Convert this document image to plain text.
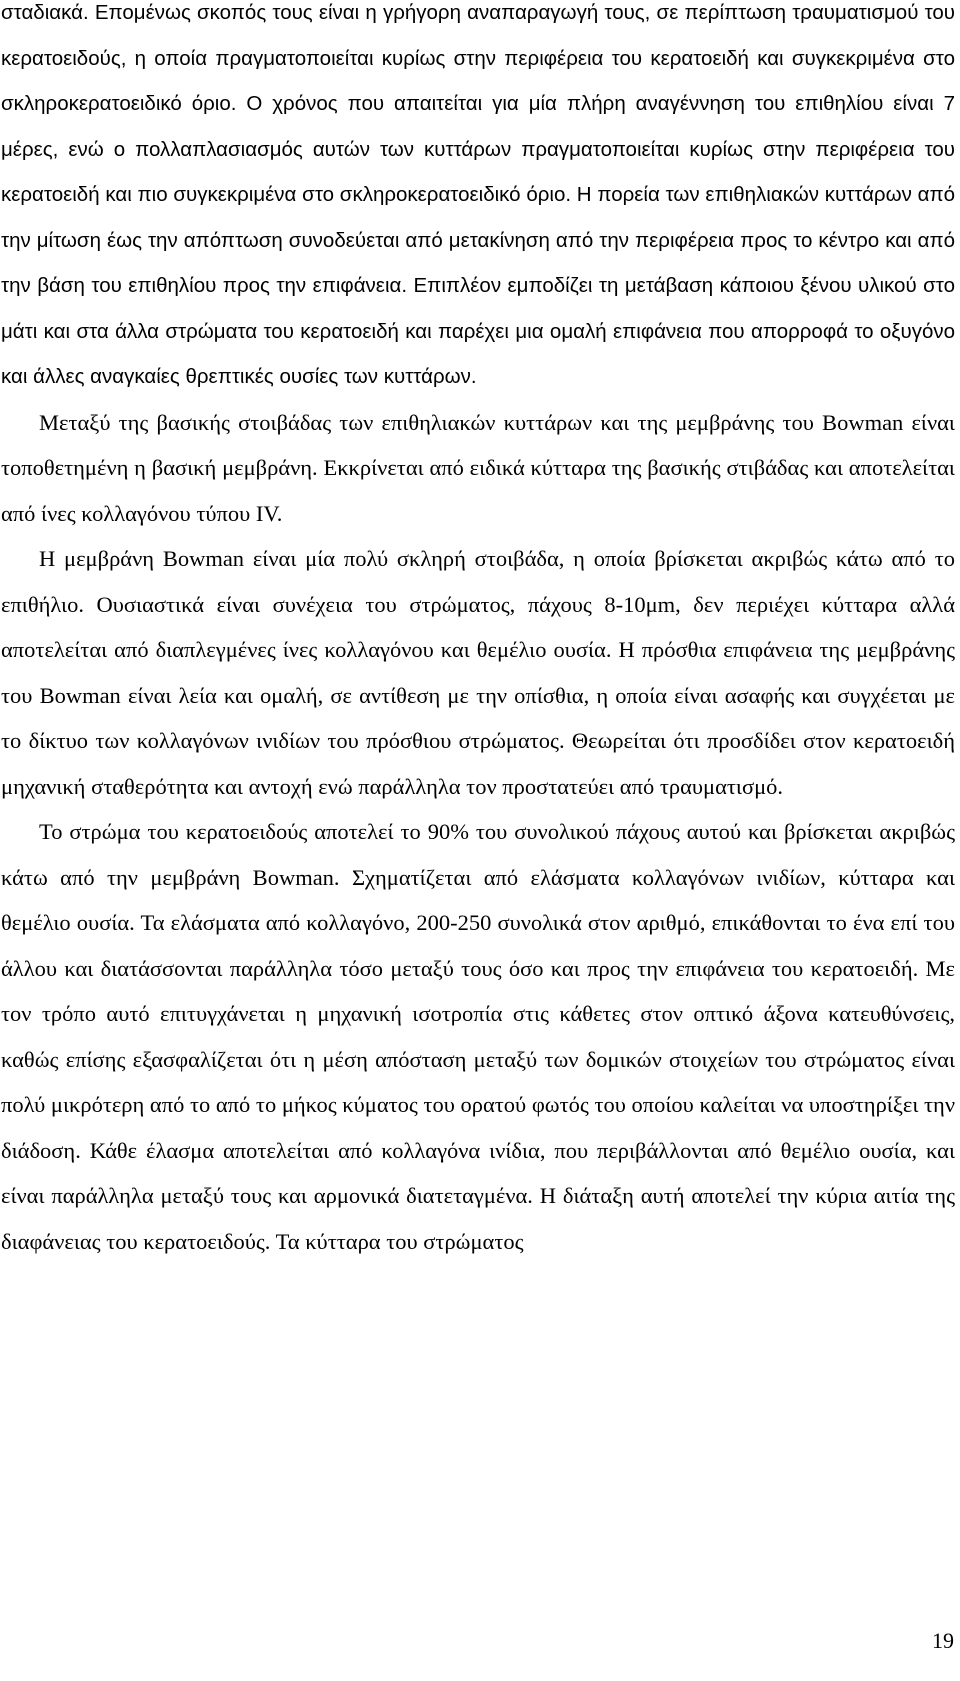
σταδιακά. Επομένως σκοπός τους είναι η γρήγορη αναπαραγωγή τους, σε περίπτωση τραυματισμού του κερατοειδούς, η οποία πραγματοποιείται κυρίως στην περιφέρεια του κερατοειδή και συγκεκριμένα στο σκληροκερατοειδικό όριο. Ο χρόνος που απαιτείται για μία πλήρη αναγέννηση του επιθηλίου είναι 7 μέρες, ενώ ο πολλαπλασιασμός αυτών των κυττάρων πραγματοποιείται κυρίως στην περιφέρεια του κερατοειδή και πιο συγκεκριμένα στο σκληροκερατοειδικό όριο. Η πορεία των επιθηλιακών κυττάρων από την μίτωση έως την απόπτωση συνοδεύεται από μετακίνηση από την περιφέρεια προς το κέντρο και από την βάση του επιθηλίου προς την επιφάνεια. Επιπλέον εμποδίζει τη μετάβαση κάποιου ξένου υλικού στο μάτι και στα άλλα στρώματα του κερατοειδή και παρέχει μια ομαλή επιφάνεια που απορροφά το οξυγόνο και άλλες αναγκαίες θρεπτικές ουσίες των κυττάρων.

Μεταξύ της βασικής στοιβάδας των επιθηλιακών κυττάρων και της μεμβράνης του Bowman είναι τοποθετημένη η βασική μεμβράνη. Εκκρίνεται από ειδικά κύτταρα της βασικής στιβάδας και αποτελείται από ίνες κολλαγόνου τύπου IV.

Η μεμβράνη Bowman είναι μία πολύ σκληρή στοιβάδα, η οποία βρίσκεται ακριβώς κάτω από το επιθήλιο. Ουσιαστικά είναι συνέχεια του στρώματος, πάχους 8-10μm, δεν περιέχει κύτταρα αλλά αποτελείται από διαπλεγμένες ίνες κολλαγόνου και θεμέλιο ουσία. Η πρόσθια επιφάνεια της μεμβράνης του Bowman είναι λεία και ομαλή, σε αντίθεση με την οπίσθια, η οποία είναι ασαφής και συγχέεται με το δίκτυο των κολλαγόνων ινιδίων του πρόσθιου στρώματος. Θεωρείται ότι προσδίδει στον κερατοειδή μηχανική σταθερότητα και αντοχή ενώ παράλληλα τον προστατεύει από τραυματισμό.

Το στρώμα του κερατοειδούς αποτελεί το 90% του συνολικού πάχους αυτού και βρίσκεται ακριβώς κάτω από την μεμβράνη Bowman. Σχηματίζεται από ελάσματα κολλαγόνων ινιδίων, κύτταρα και θεμέλιο ουσία. Τα ελάσματα από κολλαγόνο, 200-250 συνολικά στον αριθμό, επικάθονται το ένα επί του άλλου και διατάσσονται παράλληλα τόσο μεταξύ τους όσο και προς την επιφάνεια του κερατοειδή. Με τον τρόπο αυτό επιτυγχάνεται η μηχανική ισοτροπία στις κάθετες στον οπτικό άξονα κατευθύνσεις, καθώς επίσης εξασφαλίζεται ότι η μέση απόσταση μεταξύ των δομικών στοιχείων του στρώματος είναι πολύ μικρότερη από το από το μήκος κύματος του ορατού φωτός του οποίου καλείται να υποστηρίξει την διάδοση. Κάθε έλασμα αποτελείται από κολλαγόνα ινίδια, που περιβάλλονται από θεμέλιο ουσία, και είναι παράλληλα μεταξύ τους και αρμονικά διατεταγμένα. Η διάταξη αυτή αποτελεί την κύρια αιτία της διαφάνειας του κερατοειδούς. Τα κύτταρα του στρώματος

19
